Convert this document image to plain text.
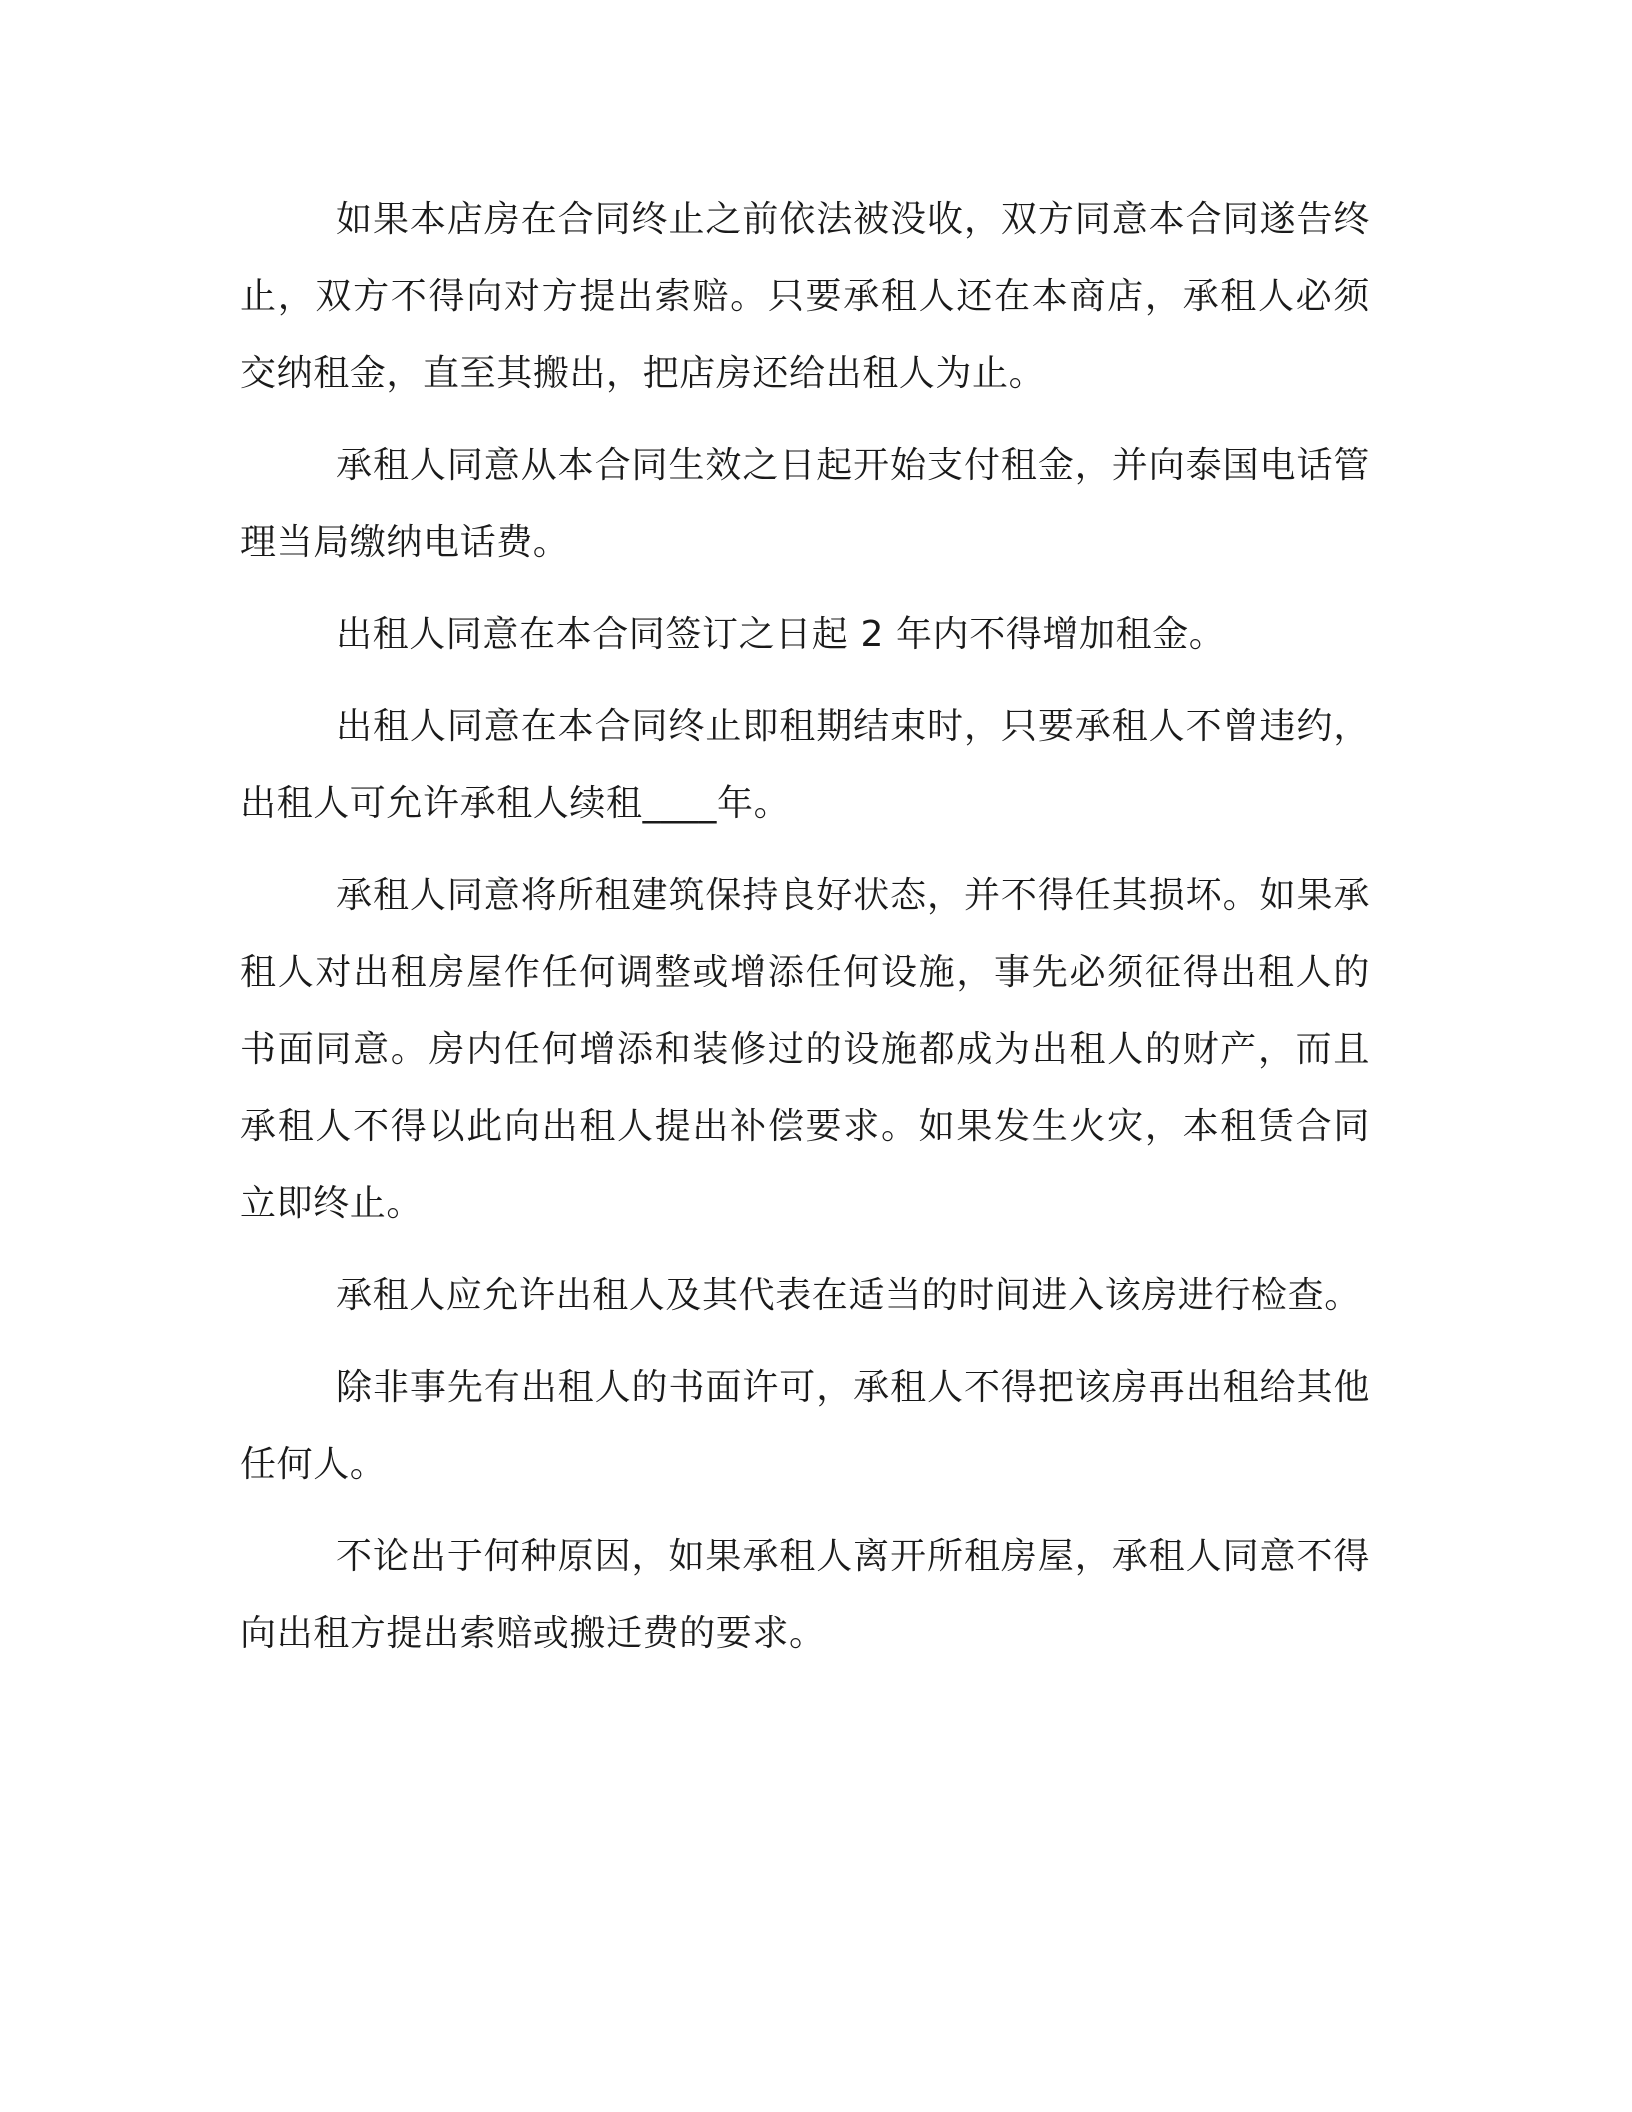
如果本店房在合同终止之前依法被没收，双方同意本合同遂告终止，双方不得向对方提出索赔。只要承租人还在本商店，承租人必须交纳租金，直至其搬出，把店房还给出租人为止。

承租人同意从本合同生效之日起开始支付租金，并向泰国电话管理当局缴纳电话费。

出租人同意在本合同签订之日起 2 年内不得增加租金。

出租人同意在本合同终止即租期结束时，只要承租人不曾违约，出租人可允许承租人续租____年。

承租人同意将所租建筑保持良好状态，并不得任其损坏。如果承租人对出租房屋作任何调整或增添任何设施，事先必须征得出租人的书面同意。房内任何增添和装修过的设施都成为出租人的财产，而且承租人不得以此向出租人提出补偿要求。如果发生火灾，本租赁合同立即终止。

承租人应允许出租人及其代表在适当的时间进入该房进行检查。

除非事先有出租人的书面许可，承租人不得把该房再出租给其他任何人。

不论出于何种原因，如果承租人离开所租房屋，承租人同意不得向出租方提出索赔或搬迁费的要求。
